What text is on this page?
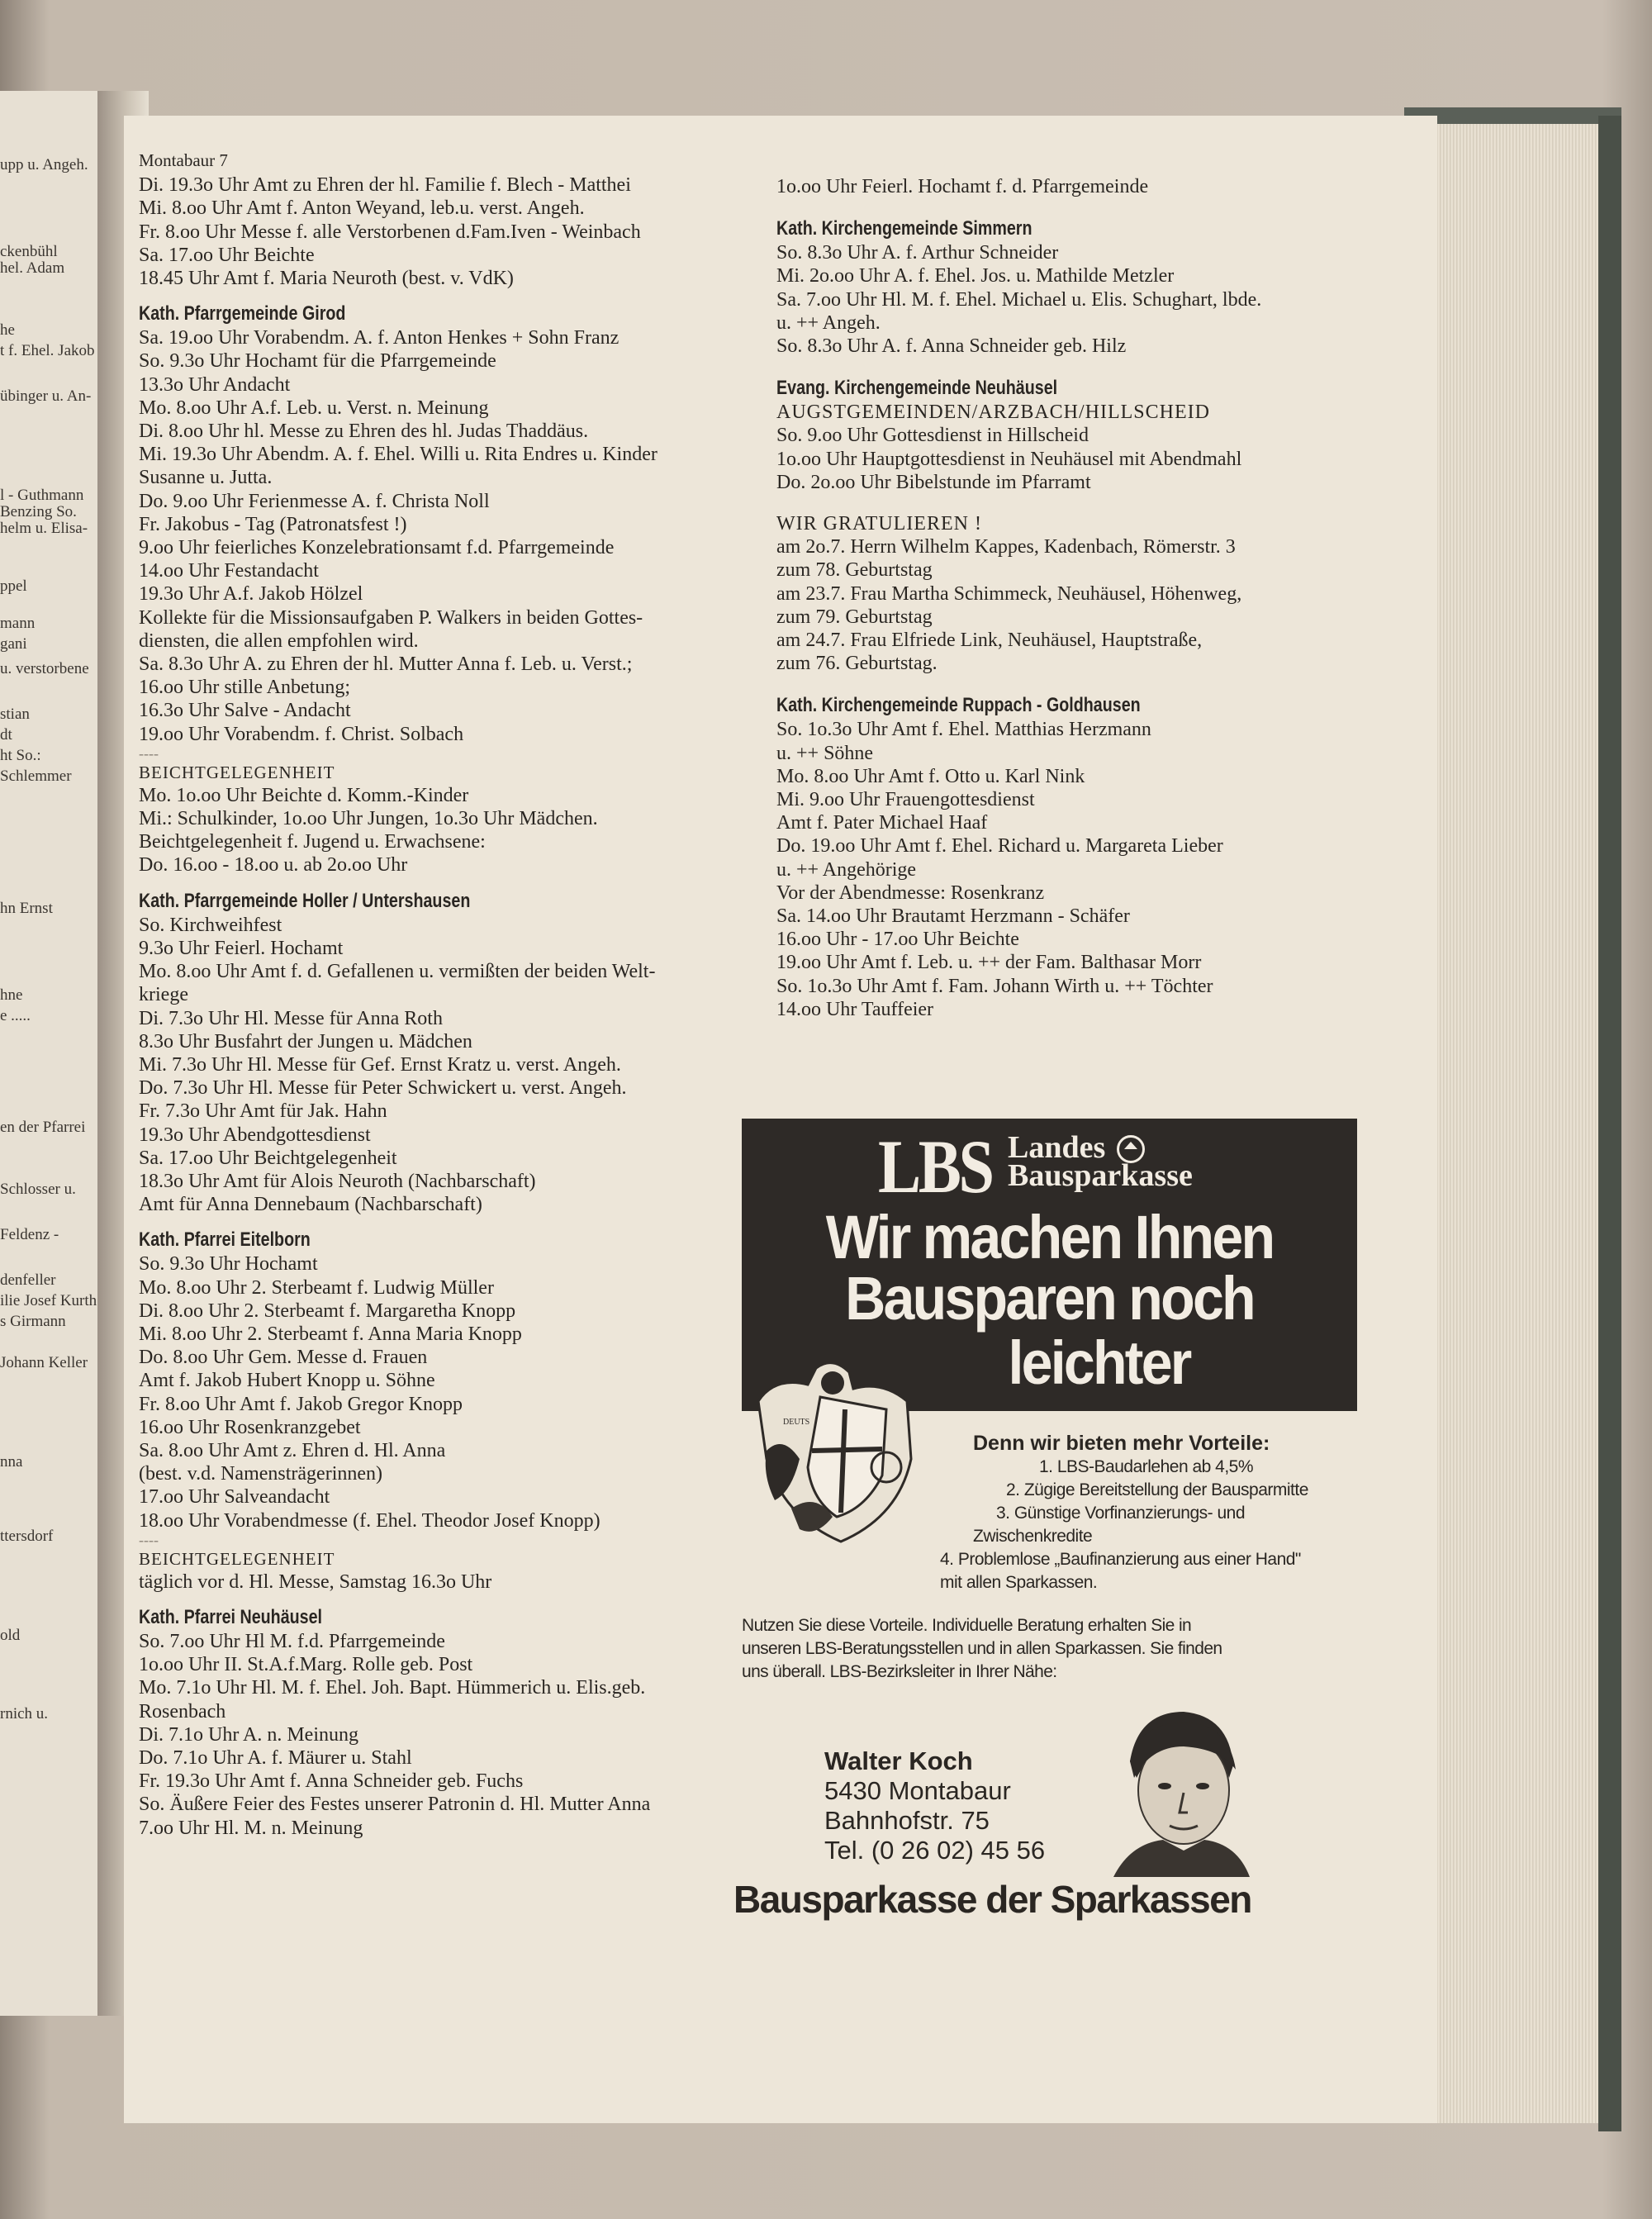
upp u. Angeh.
ckenbühl
hel. Adam
he
t f. Ehel. Jakob
übinger u. An-
l - Guthmann
Benzing So.
helm u. Elisa-
ppel
mann
gani
u. verstorbene
stian
dt
ht So.:
Schlemmer
hn Ernst
hne
e .....
en der Pfarrei
Schlosser u.
Feldenz -
denfeller
ilie Josef Kurth
s Girmann
Johann Keller
nna
ttersdorf
old
rnich u.
Montabaur 7
Di. 19.3o Uhr Amt zu Ehren der hl. Familie f. Blech - Matthei
Mi. 8.oo Uhr Amt f. Anton Weyand, leb.u. verst. Angeh.
Fr. 8.oo Uhr Messe f. alle Verstorbenen d.Fam.Iven - Weinbach
Sa. 17.oo Uhr Beichte
18.45 Uhr Amt f. Maria Neuroth (best. v. VdK)
Kath. Pfarrgemeinde Girod
Sa. 19.oo Uhr Vorabendm. A. f. Anton Henkes + Sohn Franz
So. 9.3o Uhr Hochamt für die Pfarrgemeinde
13.3o Uhr Andacht
Mo. 8.oo Uhr A.f. Leb. u. Verst. n. Meinung
Di. 8.oo Uhr hl. Messe zu Ehren des hl. Judas Thaddäus.
Mi. 19.3o Uhr Abendm. A. f. Ehel. Willi u. Rita Endres u. Kinder
Susanne u. Jutta.
Do. 9.oo Uhr Ferienmesse A. f. Christa Noll
Fr. Jakobus - Tag (Patronatsfest !)
9.oo Uhr feierliches Konzelebrationsamt f.d. Pfarrgemeinde
14.oo Uhr Festandacht
19.3o Uhr A.f. Jakob Hölzel
Kollekte für die Missionsaufgaben P. Walkers in beiden Gottes-
diensten, die allen empfohlen wird.
Sa. 8.3o Uhr A. zu Ehren der hl. Mutter Anna f. Leb. u. Verst.;
16.oo Uhr stille Anbetung;
16.3o Uhr Salve - Andacht
19.oo Uhr Vorabendm. f. Christ. Solbach
----
BEICHTGELEGENHEIT
Mo. 1o.oo Uhr Beichte d. Komm.-Kinder
Mi.: Schulkinder, 1o.oo Uhr Jungen, 1o.3o Uhr Mädchen.
Beichtgelegenheit f. Jugend u. Erwachsene:
Do. 16.oo - 18.oo u. ab 2o.oo Uhr
Kath. Pfarrgemeinde Holler / Untershausen
So. Kirchweihfest
9.3o Uhr Feierl. Hochamt
Mo. 8.oo Uhr Amt f. d. Gefallenen u. vermißten der beiden Welt-
kriege
Di. 7.3o Uhr Hl. Messe für Anna Roth
8.3o Uhr Busfahrt der Jungen u. Mädchen
Mi. 7.3o Uhr Hl. Messe für Gef. Ernst Kratz u. verst. Angeh.
Do. 7.3o Uhr Hl. Messe für Peter Schwickert u. verst. Angeh.
Fr. 7.3o Uhr Amt für Jak. Hahn
19.3o Uhr Abendgottesdienst
Sa. 17.oo Uhr Beichtgelegenheit
18.3o Uhr Amt für Alois Neuroth (Nachbarschaft)
Amt für Anna Dennebaum (Nachbarschaft)
Kath. Pfarrei Eitelborn
So. 9.3o Uhr Hochamt
Mo. 8.oo Uhr 2. Sterbeamt f. Ludwig Müller
Di. 8.oo Uhr 2. Sterbeamt f. Margaretha Knopp
Mi. 8.oo Uhr 2. Sterbeamt f. Anna Maria Knopp
Do. 8.oo Uhr Gem. Messe d. Frauen
Amt f. Jakob Hubert Knopp u. Söhne
Fr. 8.oo Uhr Amt f. Jakob Gregor Knopp
16.oo Uhr Rosenkranzgebet
Sa. 8.oo Uhr Amt z. Ehren d. Hl. Anna
(best. v.d. Namensträgerinnen)
17.oo Uhr Salveandacht
18.oo Uhr Vorabendmesse (f. Ehel. Theodor Josef Knopp)
----
BEICHTGELEGENHEIT
täglich vor d. Hl. Messe, Samstag 16.3o Uhr
Kath. Pfarrei Neuhäusel
So. 7.oo Uhr Hl M. f.d. Pfarrgemeinde
1o.oo Uhr II. St.A.f.Marg. Rolle geb. Post
Mo. 7.1o Uhr Hl. M. f. Ehel. Joh. Bapt. Hümmerich u. Elis.geb.
Rosenbach
Di. 7.1o Uhr A. n. Meinung
Do. 7.1o Uhr A. f. Mäurer u. Stahl
Fr. 19.3o Uhr Amt f. Anna Schneider geb. Fuchs
So. Äußere Feier des Festes unserer Patronin d. Hl. Mutter Anna
7.oo Uhr Hl. M. n. Meinung
1o.oo Uhr Feierl. Hochamt f. d. Pfarrgemeinde
Kath. Kirchengemeinde Simmern
So. 8.3o Uhr A. f. Arthur Schneider
Mi. 2o.oo Uhr A. f. Ehel. Jos. u. Mathilde Metzler
Sa. 7.oo Uhr Hl. M. f. Ehel. Michael u. Elis. Schughart, lbde.
u. ++ Angeh.
So. 8.3o Uhr A. f. Anna Schneider geb. Hilz
Evang. Kirchengemeinde Neuhäusel
AUGSTGEMEINDEN/ARZBACH/HILLSCHEID
So. 9.oo Uhr Gottesdienst in Hillscheid
1o.oo Uhr Hauptgottesdienst in Neuhäusel mit Abendmahl
Do. 2o.oo Uhr Bibelstunde im Pfarramt
WIR GRATULIEREN !
am 2o.7. Herrn Wilhelm Kappes, Kadenbach, Römerstr. 3
zum 78. Geburtstag
am 23.7. Frau Martha Schimmeck, Neuhäusel, Höhenweg,
zum 79. Geburtstag
am 24.7. Frau Elfriede Link, Neuhäusel, Hauptstraße,
zum 76. Geburtstag.
Kath. Kirchengemeinde Ruppach - Goldhausen
So. 1o.3o Uhr Amt f. Ehel. Matthias Herzmann
u. ++ Söhne
Mo. 8.oo Uhr Amt f. Otto u. Karl Nink
Mi. 9.oo Uhr Frauengottesdienst
Amt f. Pater Michael Haaf
Do. 19.oo Uhr Amt f. Ehel. Richard u. Margareta Lieber
u. ++ Angehörige
Vor der Abendmesse: Rosenkranz
Sa. 14.oo Uhr Brautamt Herzmann - Schäfer
16.oo Uhr - 17.oo Uhr Beichte
19.oo Uhr Amt f. Leb. u. ++ der Fam. Balthasar Morr
So. 1o.3o Uhr Amt f. Fam. Johann Wirth u. ++ Töchter
14.oo Uhr Tauffeier
LBS Landes
Bausparkasse
Wir machen Ihnen
Bausparen noch
leichter
DEUTS
Denn wir bieten mehr Vorteile:
1. LBS-Baudarlehen ab 4,5%
2. Zügige Bereitstellung der Bausparmitte
3. Günstige Vorfinanzierungs- und
Zwischenkredite
4. Problemlose „Baufinanzierung aus einer Hand"
mit allen Sparkassen.
Nutzen Sie diese Vorteile. Individuelle Beratung erhalten Sie in
unseren LBS-Beratungsstellen und in allen Sparkassen. Sie finden
uns überall. LBS-Bezirksleiter in Ihrer Nähe:
Walter Koch
5430 Montabaur
Bahnhofstr. 75
Tel. (0 26 02) 45 56
Bausparkasse der Sparkassen
